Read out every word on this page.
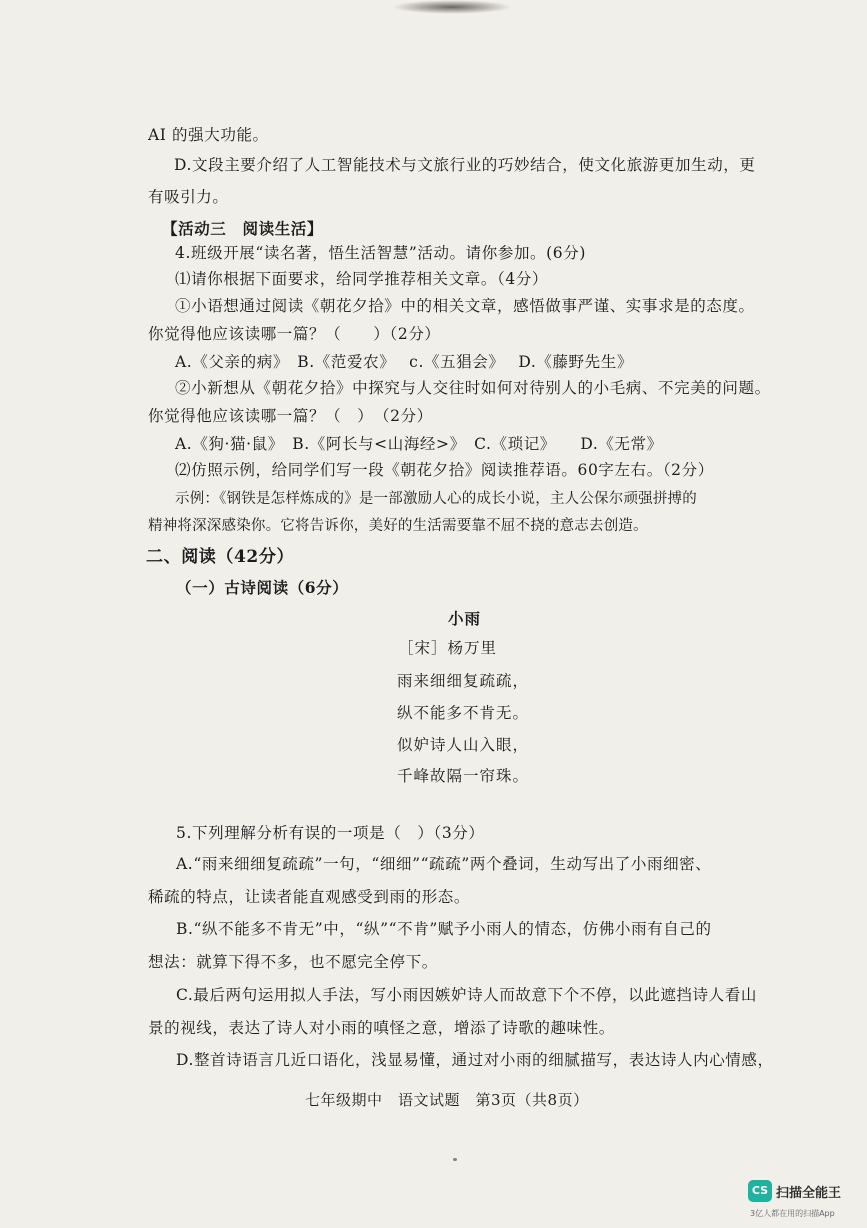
AI 的强大功能。
D.文段主要介绍了人工智能技术与文旅行业的巧妙结合，使文化旅游更加生动，更
有吸引力。
【活动三　阅读生活】
4.班级开展“读名著，悟生活智慧”活动。请你参加。(6分)
⑴请你根据下面要求，给同学推荐相关文章。（4分）
①小语想通过阅读《朝花夕拾》中的相关文章，感悟做事严谨、实事求是的态度。
你觉得他应该读哪一篇？（　　）（2分）
A.《父亲的病》　B.《范爱农》　 c.《五猖会》　 D.《藤野先生》
②小新想从《朝花夕拾》中探究与人交往时如何对待别人的小毛病、不完美的问题。
你觉得他应该读哪一篇？（　）　（2分）
A.《狗·猫·鼠》　B.《阿长与<山海经>》　C.《琐记》　　D.《无常》
⑵仿照示例，给同学们写一段《朝花夕拾》阅读推荐语。60字左右。（2分）
示例：《钢铁是怎样炼成的》是一部激励人心的成长小说，主人公保尔顽强拼搏的
精神将深深感染你。它将告诉你，美好的生活需要靠不屈不挠的意志去创造。
二、阅读（42分）
（一）古诗阅读（6分）
小雨
［宋］杨万里
雨来细细复疏疏，
纵不能多不肯无。
似妒诗人山入眼，
千峰故隔一帘珠。
5.下列理解分析有误的一项是（　）（3分）
A.“雨来细细复疏疏”一句，“细细”“疏疏”两个叠词，生动写出了小雨细密、
稀疏的特点，让读者能直观感受到雨的形态。
B.“纵不能多不肯无”中，“纵”“不肯”赋予小雨人的情态，仿佛小雨有自己的
想法：就算下得不多，也不愿完全停下。
C.最后两句运用拟人手法，写小雨因嫉妒诗人而故意下个不停，以此遮挡诗人看山
景的视线，表达了诗人对小雨的嗔怪之意，增添了诗歌的趣味性。
D.整首诗语言几近口语化，浅显易懂，通过对小雨的细腻描写，表达诗人内心情感，
七年级期中　语文试题　第3页（共8页）
CS 扫描全能王
3亿人都在用的扫描App
